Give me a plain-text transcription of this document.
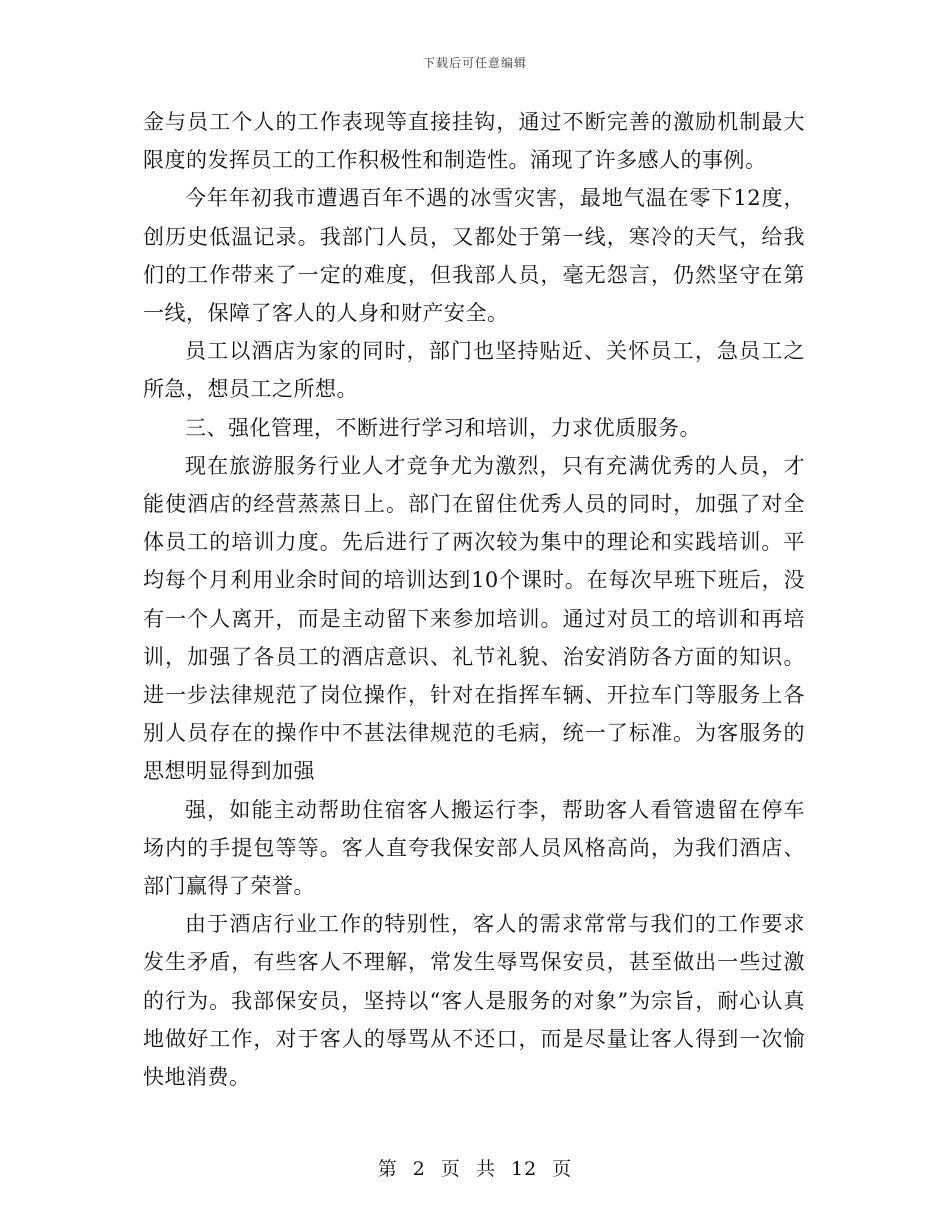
下载后可任意编辑

金与员工个人的工作表现等直接挂钩，通过不断完善的激励机制最大限度的发挥员工的工作积极性和制造性。涌现了许多感人的事例。

今年年初我市遭遇百年不遇的冰雪灾害，最地气温在零下12度，创历史低温记录。我部门人员，又都处于第一线，寒冷的天气，给我们的工作带来了一定的难度，但我部人员，毫无怨言，仍然坚守在第一线，保障了客人的人身和财产安全。

员工以酒店为家的同时，部门也坚持贴近、关怀员工，急员工之所急，想员工之所想。

三、强化管理，不断进行学习和培训，力求优质服务。

现在旅游服务行业人才竞争尤为激烈，只有充满优秀的人员，才能使酒店的经营蒸蒸日上。部门在留住优秀人员的同时，加强了对全体员工的培训力度。先后进行了两次较为集中的理论和实践培训。平均每个月利用业余时间的培训达到10个课时。在每次早班下班后，没有一个人离开，而是主动留下来参加培训。通过对员工的培训和再培训，加强了各员工的酒店意识、礼节礼貌、治安消防各方面的知识。进一步法律规范了岗位操作，针对在指挥车辆、开拉车门等服务上各别人员存在的操作中不甚法律规范的毛病，统一了标准。为客服务的思想明显得到加强

强，如能主动帮助住宿客人搬运行李，帮助客人看管遗留在停车场内的手提包等等。客人直夸我保安部人员风格高尚，为我们酒店、部门赢得了荣誉。

由于酒店行业工作的特别性，客人的需求常常与我们的工作要求发生矛盾，有些客人不理解，常发生辱骂保安员，甚至做出一些过激的行为。我部保安员，坚持以“客人是服务的对象”为宗旨，耐心认真地做好工作，对于客人的辱骂从不还口，而是尽量让客人得到一次愉快地消费。

第 2 页 共 12 页
